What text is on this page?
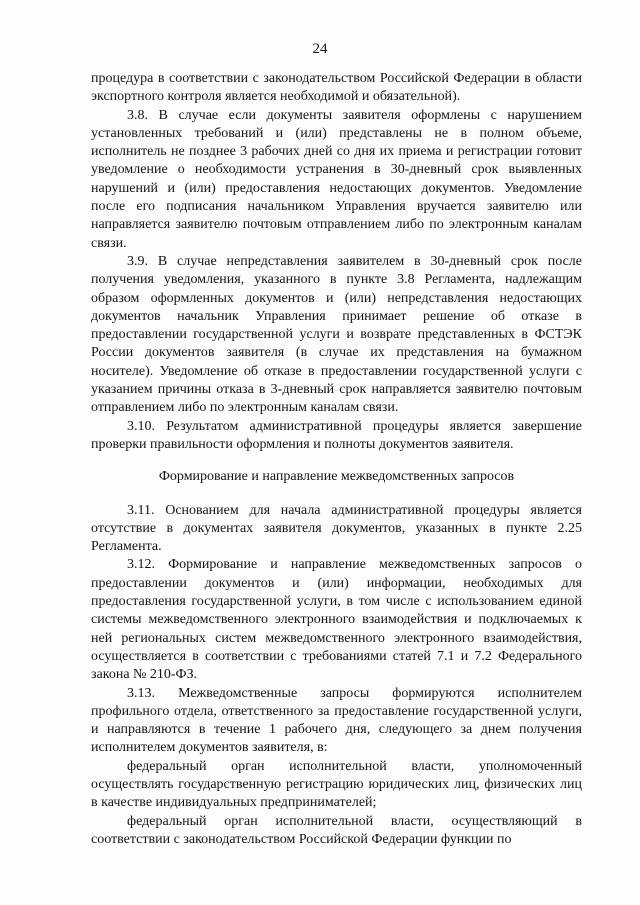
24

процедура в соответствии с законодательством Российской Федерации в области экспортного контроля является необходимой и обязательной).

3.8. В случае если документы заявителя оформлены с нарушением установленных требований и (или) представлены не в полном объеме, исполнитель не позднее 3 рабочих дней со дня их приема и регистрации готовит уведомление о необходимости устранения в 30-дневный срок выявленных нарушений и (или) предоставления недостающих документов. Уведомление после его подписания начальником Управления вручается заявителю или направляется заявителю почтовым отправлением либо по электронным каналам связи.

3.9. В случае непредставления заявителем в 30-дневный срок после получения уведомления, указанного в пункте 3.8 Регламента, надлежащим образом оформленных документов и (или) непредставления недостающих документов начальник Управления принимает решение об отказе в предоставлении государственной услуги и возврате представленных в ФСТЭК России документов заявителя (в случае их представления на бумажном носителе). Уведомление об отказе в предоставлении государственной услуги с указанием причины отказа в 3-дневный срок направляется заявителю почтовым отправлением либо по электронным каналам связи.

3.10. Результатом административной процедуры является завершение проверки правильности оформления и полноты документов заявителя.

Формирование и направление межведомственных запросов

3.11. Основанием для начала административной процедуры является отсутствие в документах заявителя документов, указанных в пункте 2.25 Регламента.

3.12. Формирование и направление межведомственных запросов о предоставлении документов и (или) информации, необходимых для предоставления государственной услуги, в том числе с использованием единой системы межведомственного электронного взаимодействия и подключаемых к ней региональных систем межведомственного электронного взаимодействия, осуществляется в соответствии с требованиями статей 7.1 и 7.2 Федерального закона № 210-ФЗ.

3.13. Межведомственные запросы формируются исполнителем профильного отдела, ответственного за предоставление государственной услуги, и направляются в течение 1 рабочего дня, следующего за днем получения исполнителем документов заявителя, в:

федеральный орган исполнительной власти, уполномоченный осуществлять государственную регистрацию юридических лиц, физических лиц в качестве индивидуальных предпринимателей;

федеральный орган исполнительной власти, осуществляющий в соответствии с законодательством Российской Федерации функции по
